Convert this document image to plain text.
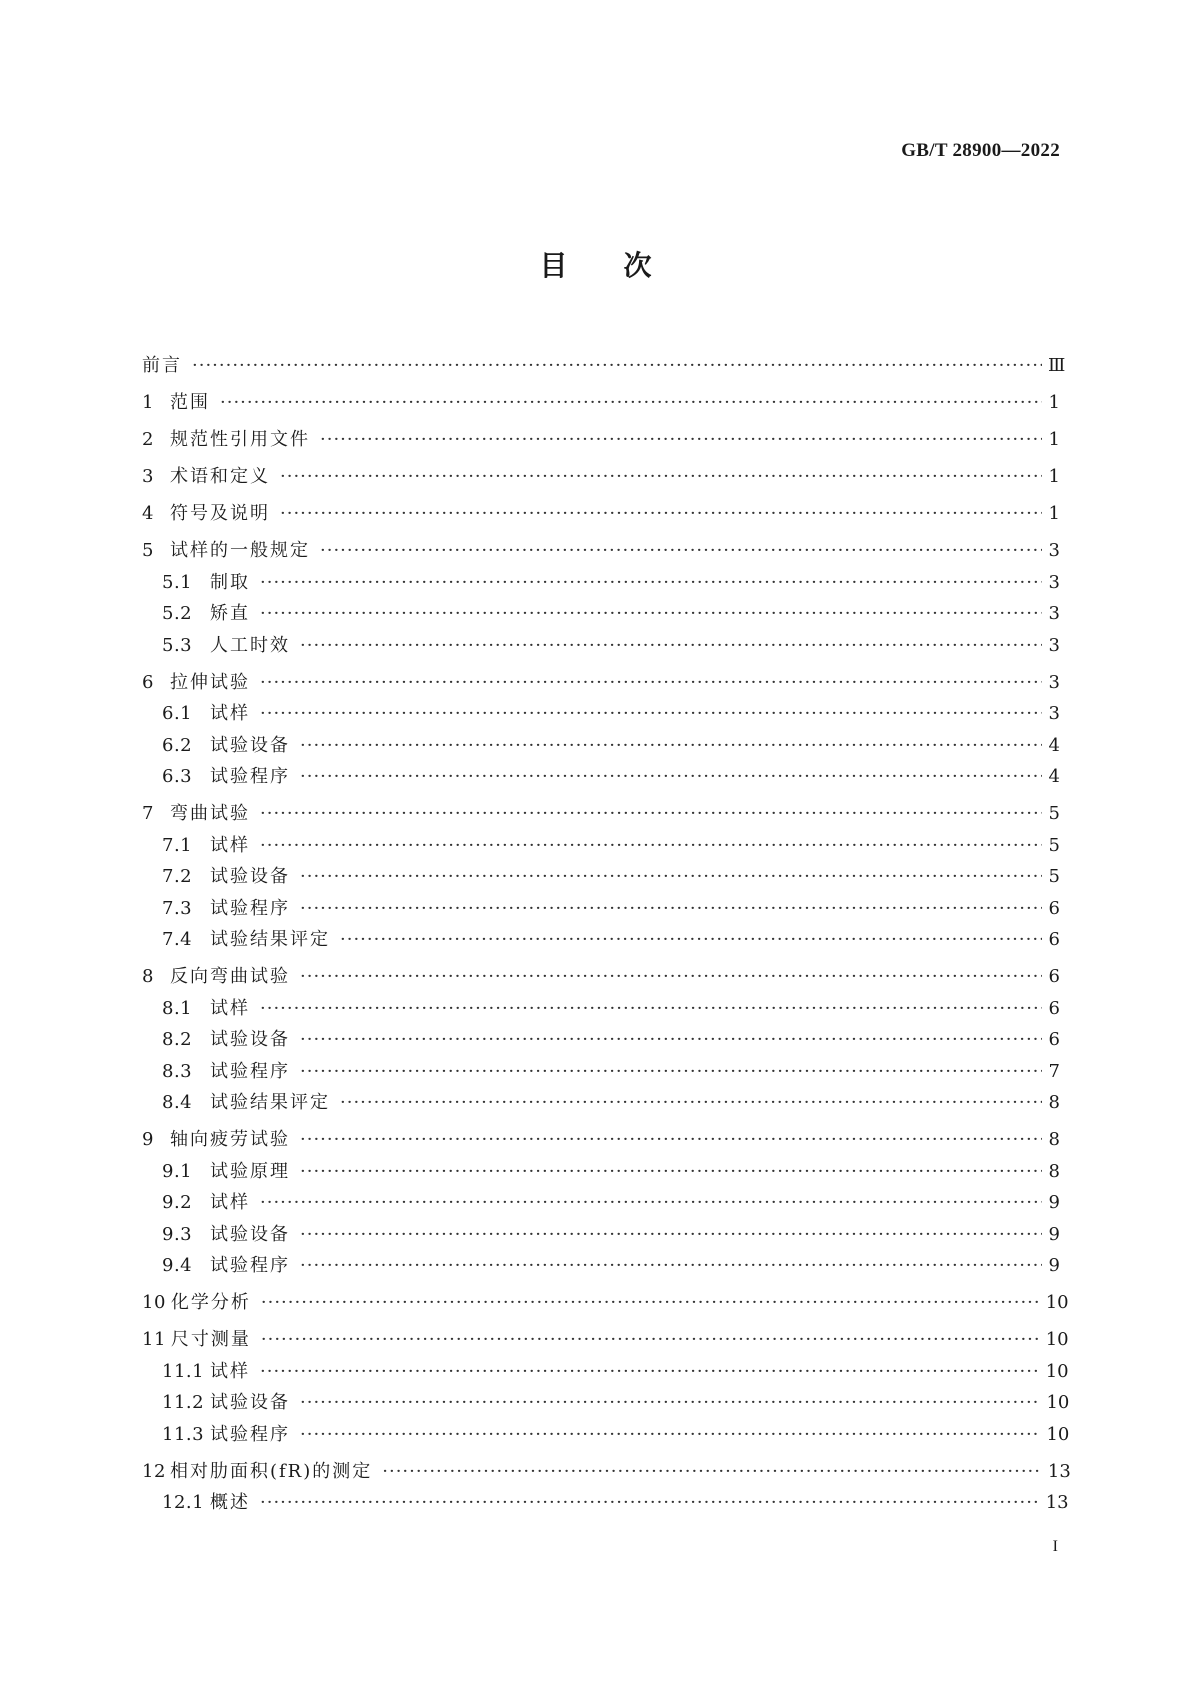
GB/T 28900—2022
目次
前言 ·····	Ⅲ
1 范围 ·····	1
2 规范性引用文件 ·····	1
3 术语和定义 ·····	1
4 符号及说明 ·····	1
5 试样的一般规定 ·····	3
5.1 制取 ·····	3
5.2 矫直 ·····	3
5.3 人工时效 ·····	3
6 拉伸试验 ·····	3
6.1 试样 ·····	3
6.2 试验设备 ·····	4
6.3 试验程序 ·····	4
7 弯曲试验 ·····	5
7.1 试样 ·····	5
7.2 试验设备 ·····	5
7.3 试验程序 ·····	6
7.4 试验结果评定 ·····	6
8 反向弯曲试验 ·····	6
8.1 试样 ·····	6
8.2 试验设备 ·····	6
8.3 试验程序 ·····	7
8.4 试验结果评定 ·····	8
9 轴向疲劳试验 ·····	8
9.1 试验原理 ·····	8
9.2 试样 ·····	9
9.3 试验设备 ·····	9
9.4 试验程序 ·····	9
10 化学分析 ·····	10
11 尺寸测量 ·····	10
11.1 试样 ·····	10
11.2 试验设备 ·····	10
11.3 试验程序 ·····	10
12 相对肋面积(fR)的测定 ·····	13
12.1 概述 ·····	13
I
